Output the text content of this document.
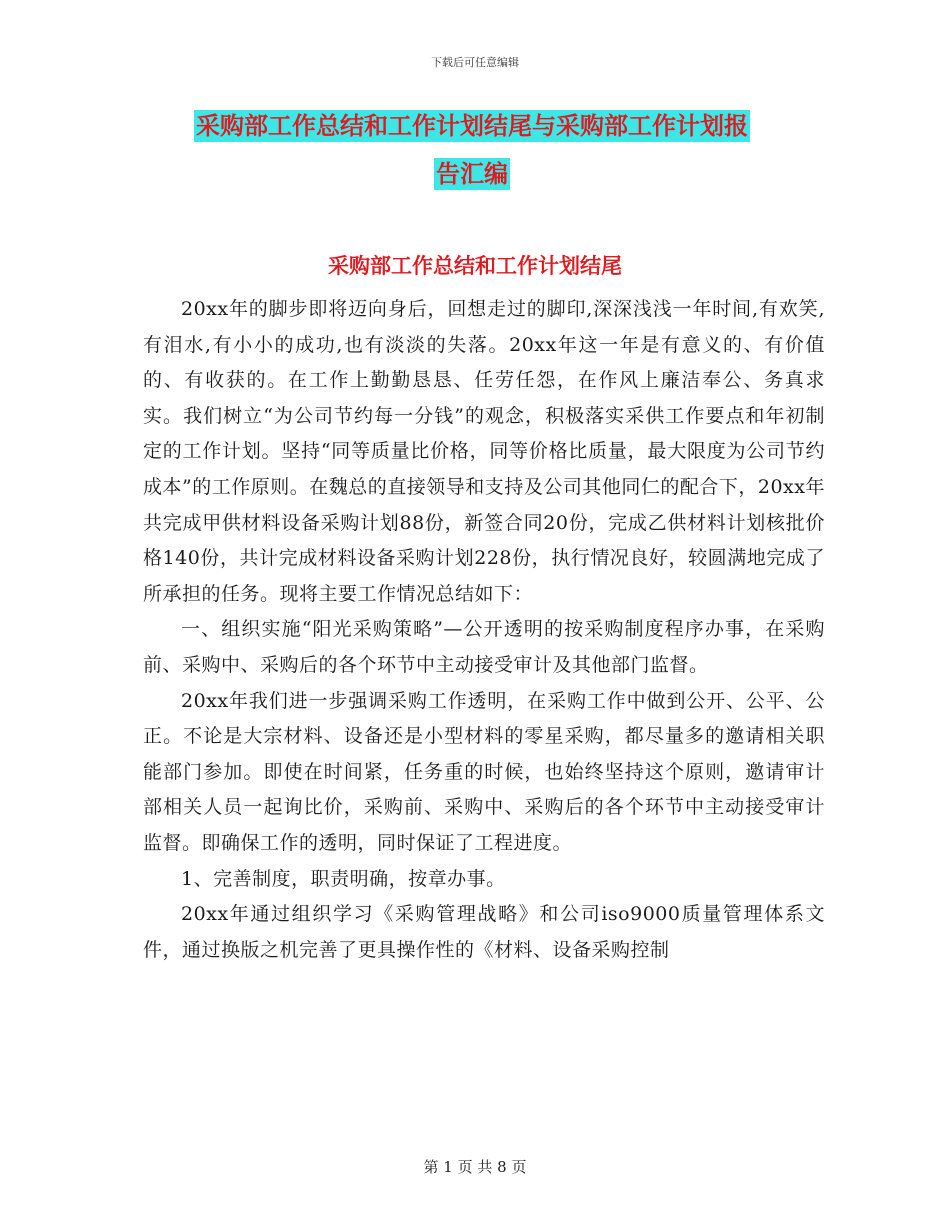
下载后可任意编辑
采购部工作总结和工作计划结尾与采购部工作计划报
告汇编
采购部工作总结和工作计划结尾

20xx年的脚步即将迈向身后，回想走过的脚印,深深浅浅一年时间,有欢笑,有泪水,有小小的成功,也有淡淡的失落。20xx年这一年是有意义的、有价值的、有收获的。在工作上勤勤恳恳、任劳任怨，在作风上廉洁奉公、务真求实。我们树立“为公司节约每一分钱”的观念，积极落实采供工作要点和年初制定的工作计划。坚持“同等质量比价格，同等价格比质量，最大限度为公司节约成本”的工作原则。在魏总的直接领导和支持及公司其他同仁的配合下，20xx年共完成甲供材料设备采购计划88份，新签合同20份，完成乙供材料计划核批价格140份，共计完成材料设备采购计划228份，执行情况良好，较圆满地完成了所承担的任务。现将主要工作情况总结如下：

一、组织实施“阳光采购策略”—公开透明的按采购制度程序办事，在采购前、采购中、采购后的各个环节中主动接受审计及其他部门监督。

20xx年我们进一步强调采购工作透明，在采购工作中做到公开、公平、公正。不论是大宗材料、设备还是小型材料的零星采购，都尽量多的邀请相关职能部门参加。即使在时间紧，任务重的时候，也始终坚持这个原则，邀请审计部相关人员一起询比价，采购前、采购中、采购后的各个环节中主动接受审计监督。即确保工作的透明，同时保证了工程进度。

1、完善制度，职责明确，按章办事。

20xx年通过组织学习《采购管理战略》和公司iso9000质量管理体系文件，通过换版之机完善了更具操作性的《材料、设备采购控制

第 1 页 共 8 页
